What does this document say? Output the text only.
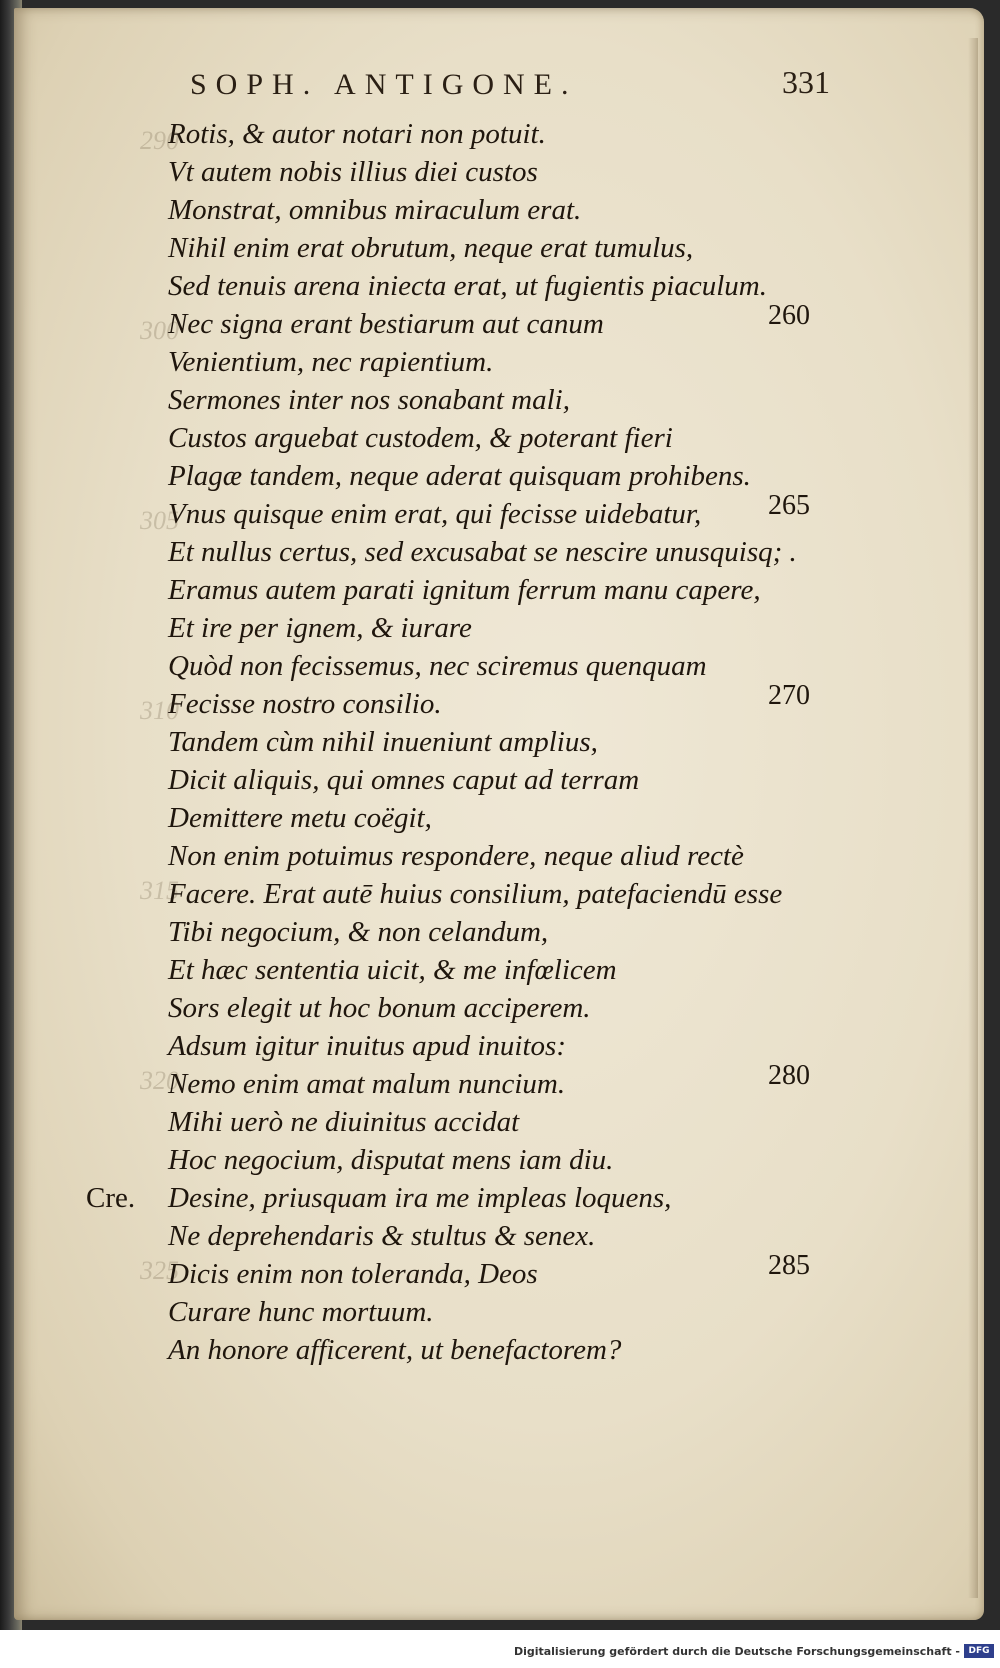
290
300
305
310
315
320
325
SOPH. ANTIGONE.	331
Rotis, & autor notari non potuit.
Vt autem nobis illius diei custos
Monstrat, omnibus miraculum erat.
Nihil enim erat obrutum, neque erat tumulus,
Sed tenuis arena iniecta erat, ut fugientis piaculum.
Nec signa erant bestiarum aut canum
Venientium, nec rapientium.
Sermones inter nos sonabant mali,
Custos arguebat custodem, & poterant fieri
Plagæ tandem, neque aderat quisquam prohibens.
Vnus quisque enim erat, qui fecisse uidebatur,
Et nullus certus, sed excusabat se nescire unusquisq; .
Eramus autem parati ignitum ferrum manu capere,
Et ire per ignem, & iurare
Quòd non fecissemus, nec sciremus quenquam
Fecisse nostro consilio.
Tandem cùm nihil inueniunt amplius,
Dicit aliquis, qui omnes caput ad terram
Demittere metu coëgit,
Non enim potuimus respondere, neque aliud rectè
Facere. Erat autē huius consilium, patefaciendū esse
Tibi negocium, & non celandum,
Et hæc sententia uicit, & me infœlicem
Sors elegit ut hoc bonum acciperem.
Adsum igitur inuitus apud inuitos:
Nemo enim amat malum nuncium.
Mihi uerò ne diuinitus accidat
Hoc negocium, disputat mens iam diu.
Desine, priusquam ira me impleas loquens,
Ne deprehendaris & stultus & senex.
Dicis enim non toleranda, Deos
Curare hunc mortuum.
An honore afficerent, ut benefactorem?
Cre.
260
265
270
280
285
Digitalisierung gefördert durch die Deutsche Forschungsgemeinschaft - DFG
